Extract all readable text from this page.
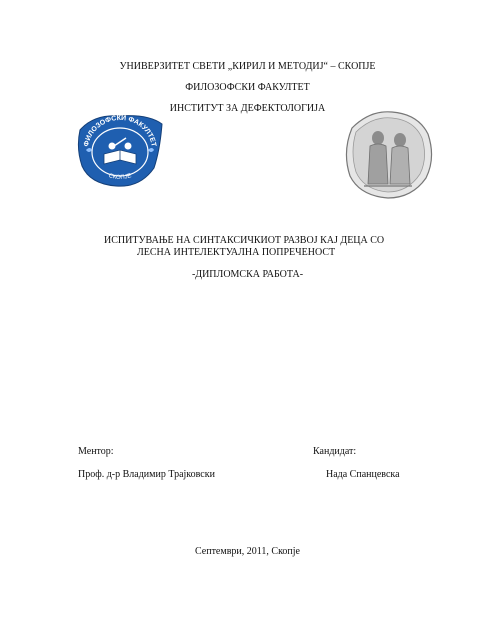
УНИВЕРЗИТЕТ СВЕТИ „КИРИЛ И МЕТОДИЈ“ – СКОПЈЕ
ФИЛОЗОФСКИ ФАКУЛТЕТ
ИНСТИТУТ ЗА ДЕФЕКТОЛОГИЈА
ФИЛОЗОФСКИ ФАКУЛТЕТ
СКОПЈЕ
ИСПИТУВАЊЕ НА СИНТАКСИЧКИОТ РАЗВОЈ КАЈ ДЕЦА СО
ЛЕСНА ИНТЕЛЕКТУАЛНА ПОПРЕЧЕНОСТ
-ДИПЛОМСКА РАБОТА-
Ментор:	Кандидат:
Проф. д-р Владимир Трајковски	Нада Спанцевска
Септември, 2011, Скопје
